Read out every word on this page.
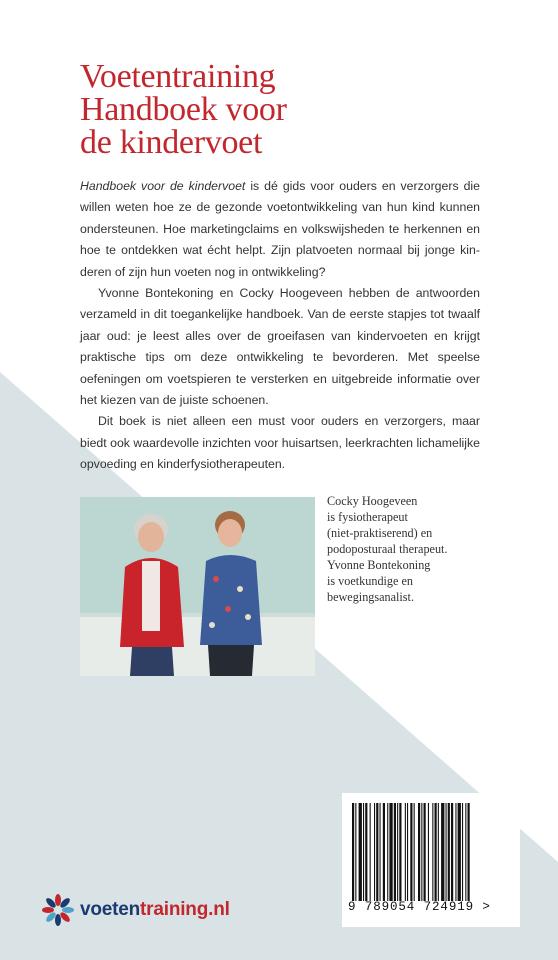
Voetentraining
Handboek voor
de kindervoet

Handboek voor de kindervoet is dé gids voor ouders en verzorgers die willen weten hoe ze de gezonde voetontwikkeling van hun kind kunnen ondersteunen. Hoe marketingclaims en volkswijsheden te herkennen en hoe te ontdekken wat écht helpt. Zijn platvoeten normaal bij jonge kinderen of zijn hun voeten nog in ontwikkeling?

Yvonne Bontekoning en Cocky Hoogeveen hebben de antwoorden verzameld in dit toegankelijke handboek. Van de eerste stapjes tot twaalf jaar oud: je leest alles over de groeifasen van kindervoeten en krijgt praktische tips om deze ontwikkeling te bevorderen. Met speelse oefeningen om voetspieren te versterken en uitgebreide informatie over het kiezen van de juiste schoenen.

Dit boek is niet alleen een must voor ouders en verzorgers, maar biedt ook waardevolle inzichten voor huisartsen, leerkrachten lichamelijke opvoeding en kinderfysiotherapeuten.

Cocky Hoogeveen
is fysiotherapeut
(niet-praktiserend) en
podoposturaal therapeut.
Yvonne Bontekoning
is voetkundige en
bewegingsanalist.
voetentraining.nl	9 789054 724919 >
